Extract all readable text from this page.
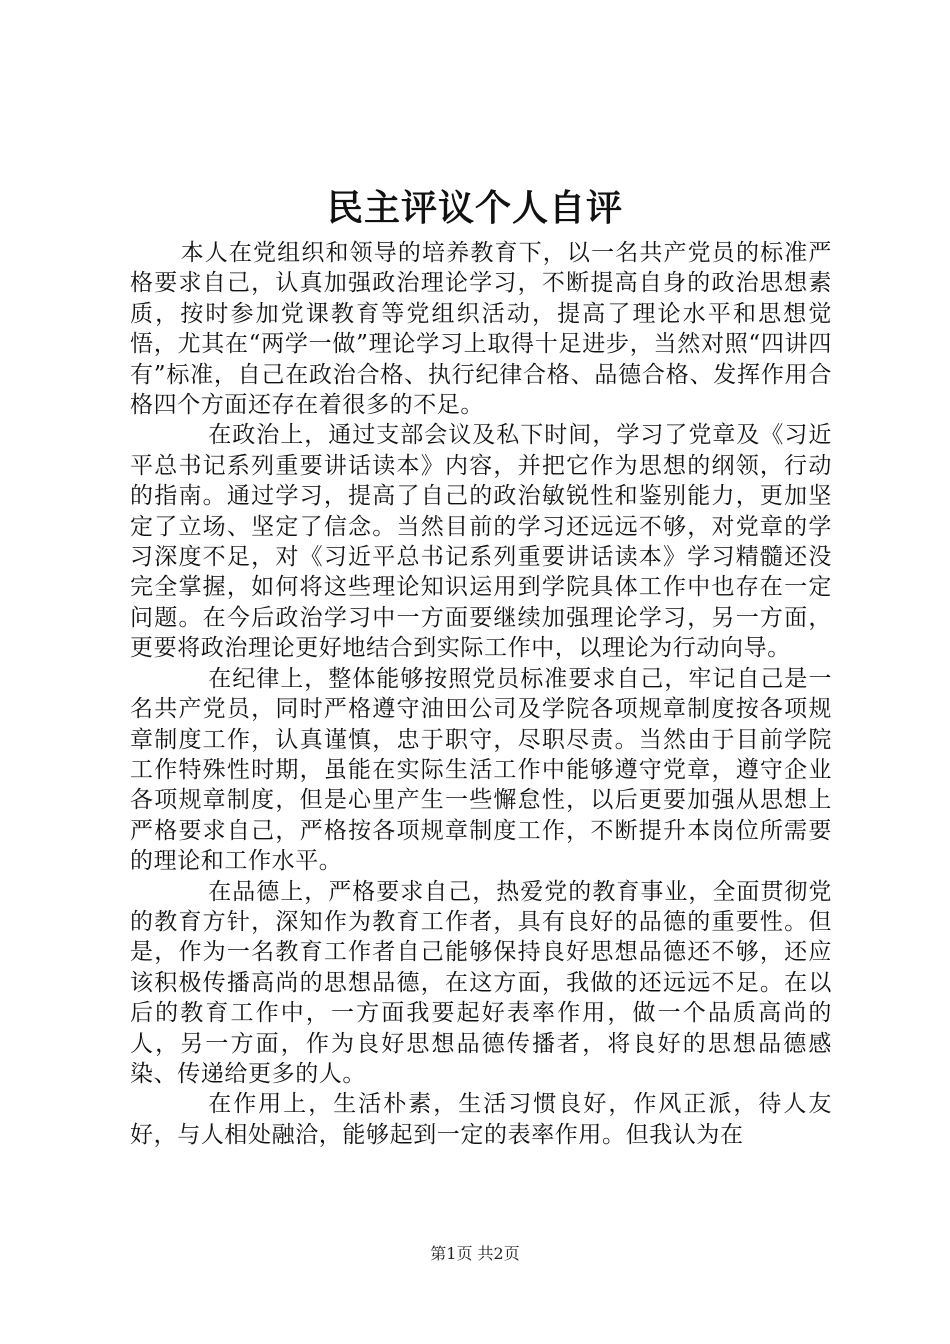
民主评议个人自评

本人在党组织和领导的培养教育下，以一名共产党员的标准严格要求自己，认真加强政治理论学习，不断提高自身的政治思想素质，按时参加党课教育等党组织活动，提高了理论水平和思想觉悟，尤其在“两学一做”理论学习上取得十足进步，当然对照“四讲四有”标准，自己在政治合格、执行纪律合格、品德合格、发挥作用合格四个方面还存在着很多的不足。

在政治上，通过支部会议及私下时间，学习了党章及《习近平总书记系列重要讲话读本》内容，并把它作为思想的纲领，行动的指南。通过学习，提高了自己的政治敏锐性和鉴别能力，更加坚定了立场、坚定了信念。当然目前的学习还远远不够，对党章的学习深度不足，对《习近平总书记系列重要讲话读本》学习精髓还没完全掌握，如何将这些理论知识运用到学院具体工作中也存在一定问题。在今后政治学习中一方面要继续加强理论学习，另一方面，更要将政治理论更好地结合到实际工作中，以理论为行动向导。

在纪律上，整体能够按照党员标准要求自己，牢记自己是一名共产党员，同时严格遵守油田公司及学院各项规章制度按各项规章制度工作，认真谨慎，忠于职守，尽职尽责。当然由于目前学院工作特殊性时期，虽能在实际生活工作中能够遵守党章，遵守企业各项规章制度，但是心里产生一些懈怠性，以后更要加强从思想上严格要求自己，严格按各项规章制度工作，不断提升本岗位所需要的理论和工作水平。

在品德上，严格要求自己，热爱党的教育事业，全面贯彻党的教育方针，深知作为教育工作者，具有良好的品德的重要性。但是，作为一名教育工作者自己能够保持良好思想品德还不够，还应该积极传播高尚的思想品德，在这方面，我做的还远远不足。在以后的教育工作中，一方面我要起好表率作用，做一个品质高尚的人，另一方面，作为良好思想品德传播者，将良好的思想品德感染、传递给更多的人。

在作用上，生活朴素，生活习惯良好，作风正派，待人友好，与人相处融洽，能够起到一定的表率作用。但我认为在

第1页 共2页
